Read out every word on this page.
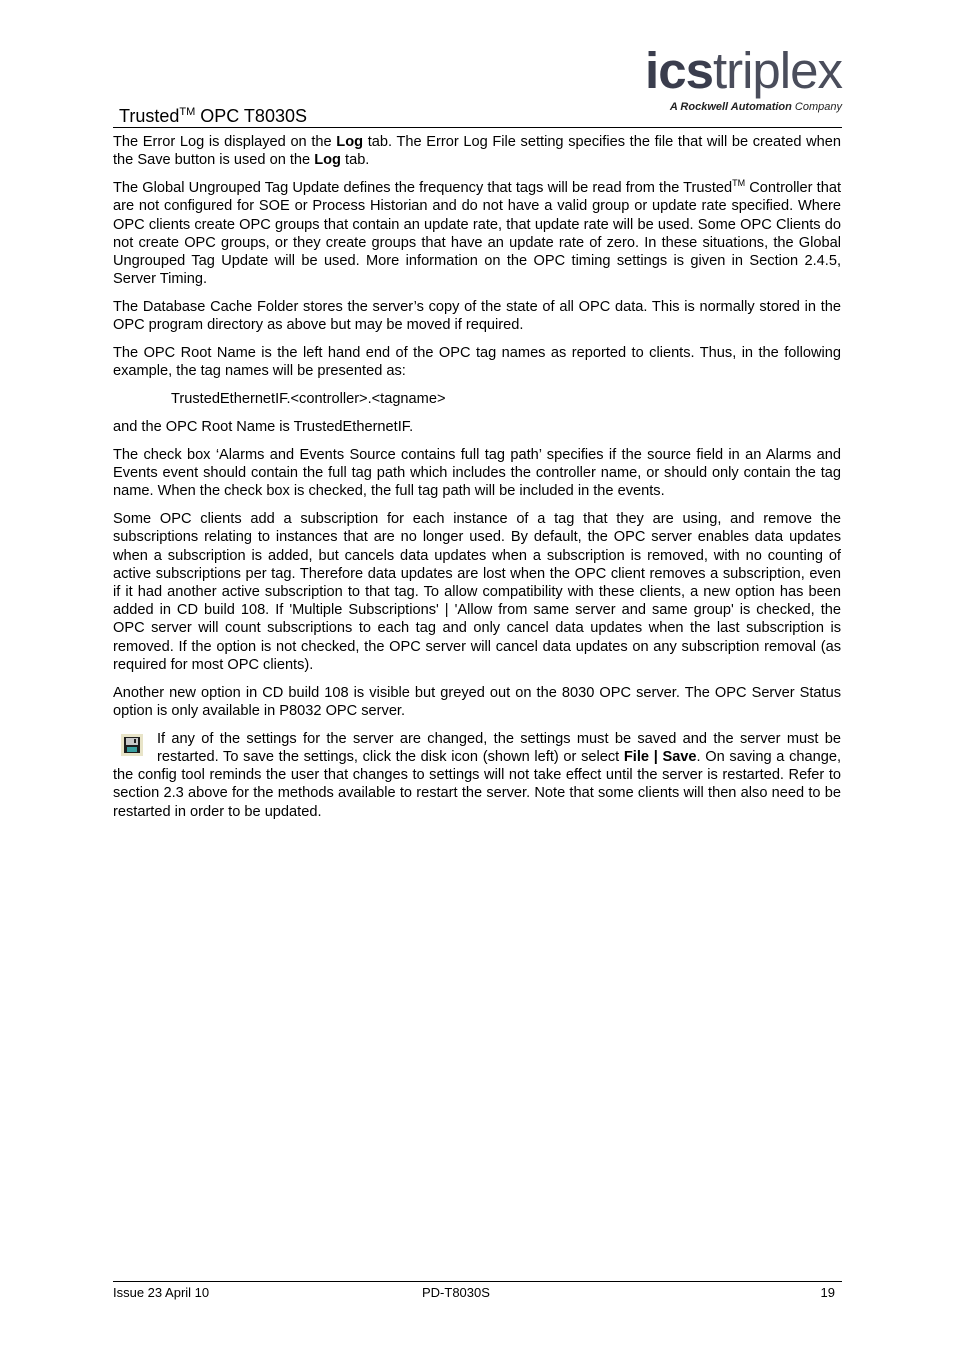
Trusted™ OPC T8030S
icstriplex
A Rockwell Automation Company

The Error Log is displayed on the Log tab. The Error Log File setting specifies the file that will be created when the Save button is used on the Log tab.

The Global Ungrouped Tag Update defines the frequency that tags will be read from the Trusted™ Controller that are not configured for SOE or Process Historian and do not have a valid group or update rate specified. Where OPC clients create OPC groups that contain an update rate, that update rate will be used. Some OPC Clients do not create OPC groups, or they create groups that have an update rate of zero. In these situations, the Global Ungrouped Tag Update will be used. More information on the OPC timing settings is given in Section 2.4.5, Server Timing.

The Database Cache Folder stores the server’s copy of the state of all OPC data. This is normally stored in the OPC program directory as above but may be moved if required.

The OPC Root Name is the left hand end of the OPC tag names as reported to clients. Thus, in the following example, the tag names will be presented as:

TrustedEthernetIF.<controller>.<tagname>

and the OPC Root Name is TrustedEthernetIF.

The check box ‘Alarms and Events Source contains full tag path’ specifies if the source field in an Alarms and Events event should contain the full tag path which includes the controller name, or should only contain the tag name. When the check box is checked, the full tag path will be included in the events.

Some OPC clients add a subscription for each instance of a tag that they are using, and remove the subscriptions relating to instances that are no longer used. By default, the OPC server enables data updates when a subscription is added, but cancels data updates when a subscription is removed, with no counting of active subscriptions per tag. Therefore data updates are lost when the OPC client removes a subscription, even if it had another active subscription to that tag. To allow compatibility with these clients, a new option has been added in CD build 108. If 'Multiple Subscriptions' | 'Allow from same server and same group' is checked, the OPC server will count subscriptions to each tag and only cancel data updates when the last subscription is removed. If the option is not checked, the OPC server will cancel data updates on any subscription removal (as required for most OPC clients).

Another new option in CD build 108 is visible but greyed out on the 8030 OPC server. The OPC Server Status option is only available in P8032 OPC server.

If any of the settings for the server are changed, the settings must be saved and the server must be restarted. To save the settings, click the disk icon (shown left) or select File | Save. On saving a change, the config tool reminds the user that changes to settings will not take effect until the server is restarted. Refer to section 2.3 above for the methods available to restart the server. Note that some clients will then also need to be restarted in order to be updated.

Issue 23 April 10	PD-T8030S	19
